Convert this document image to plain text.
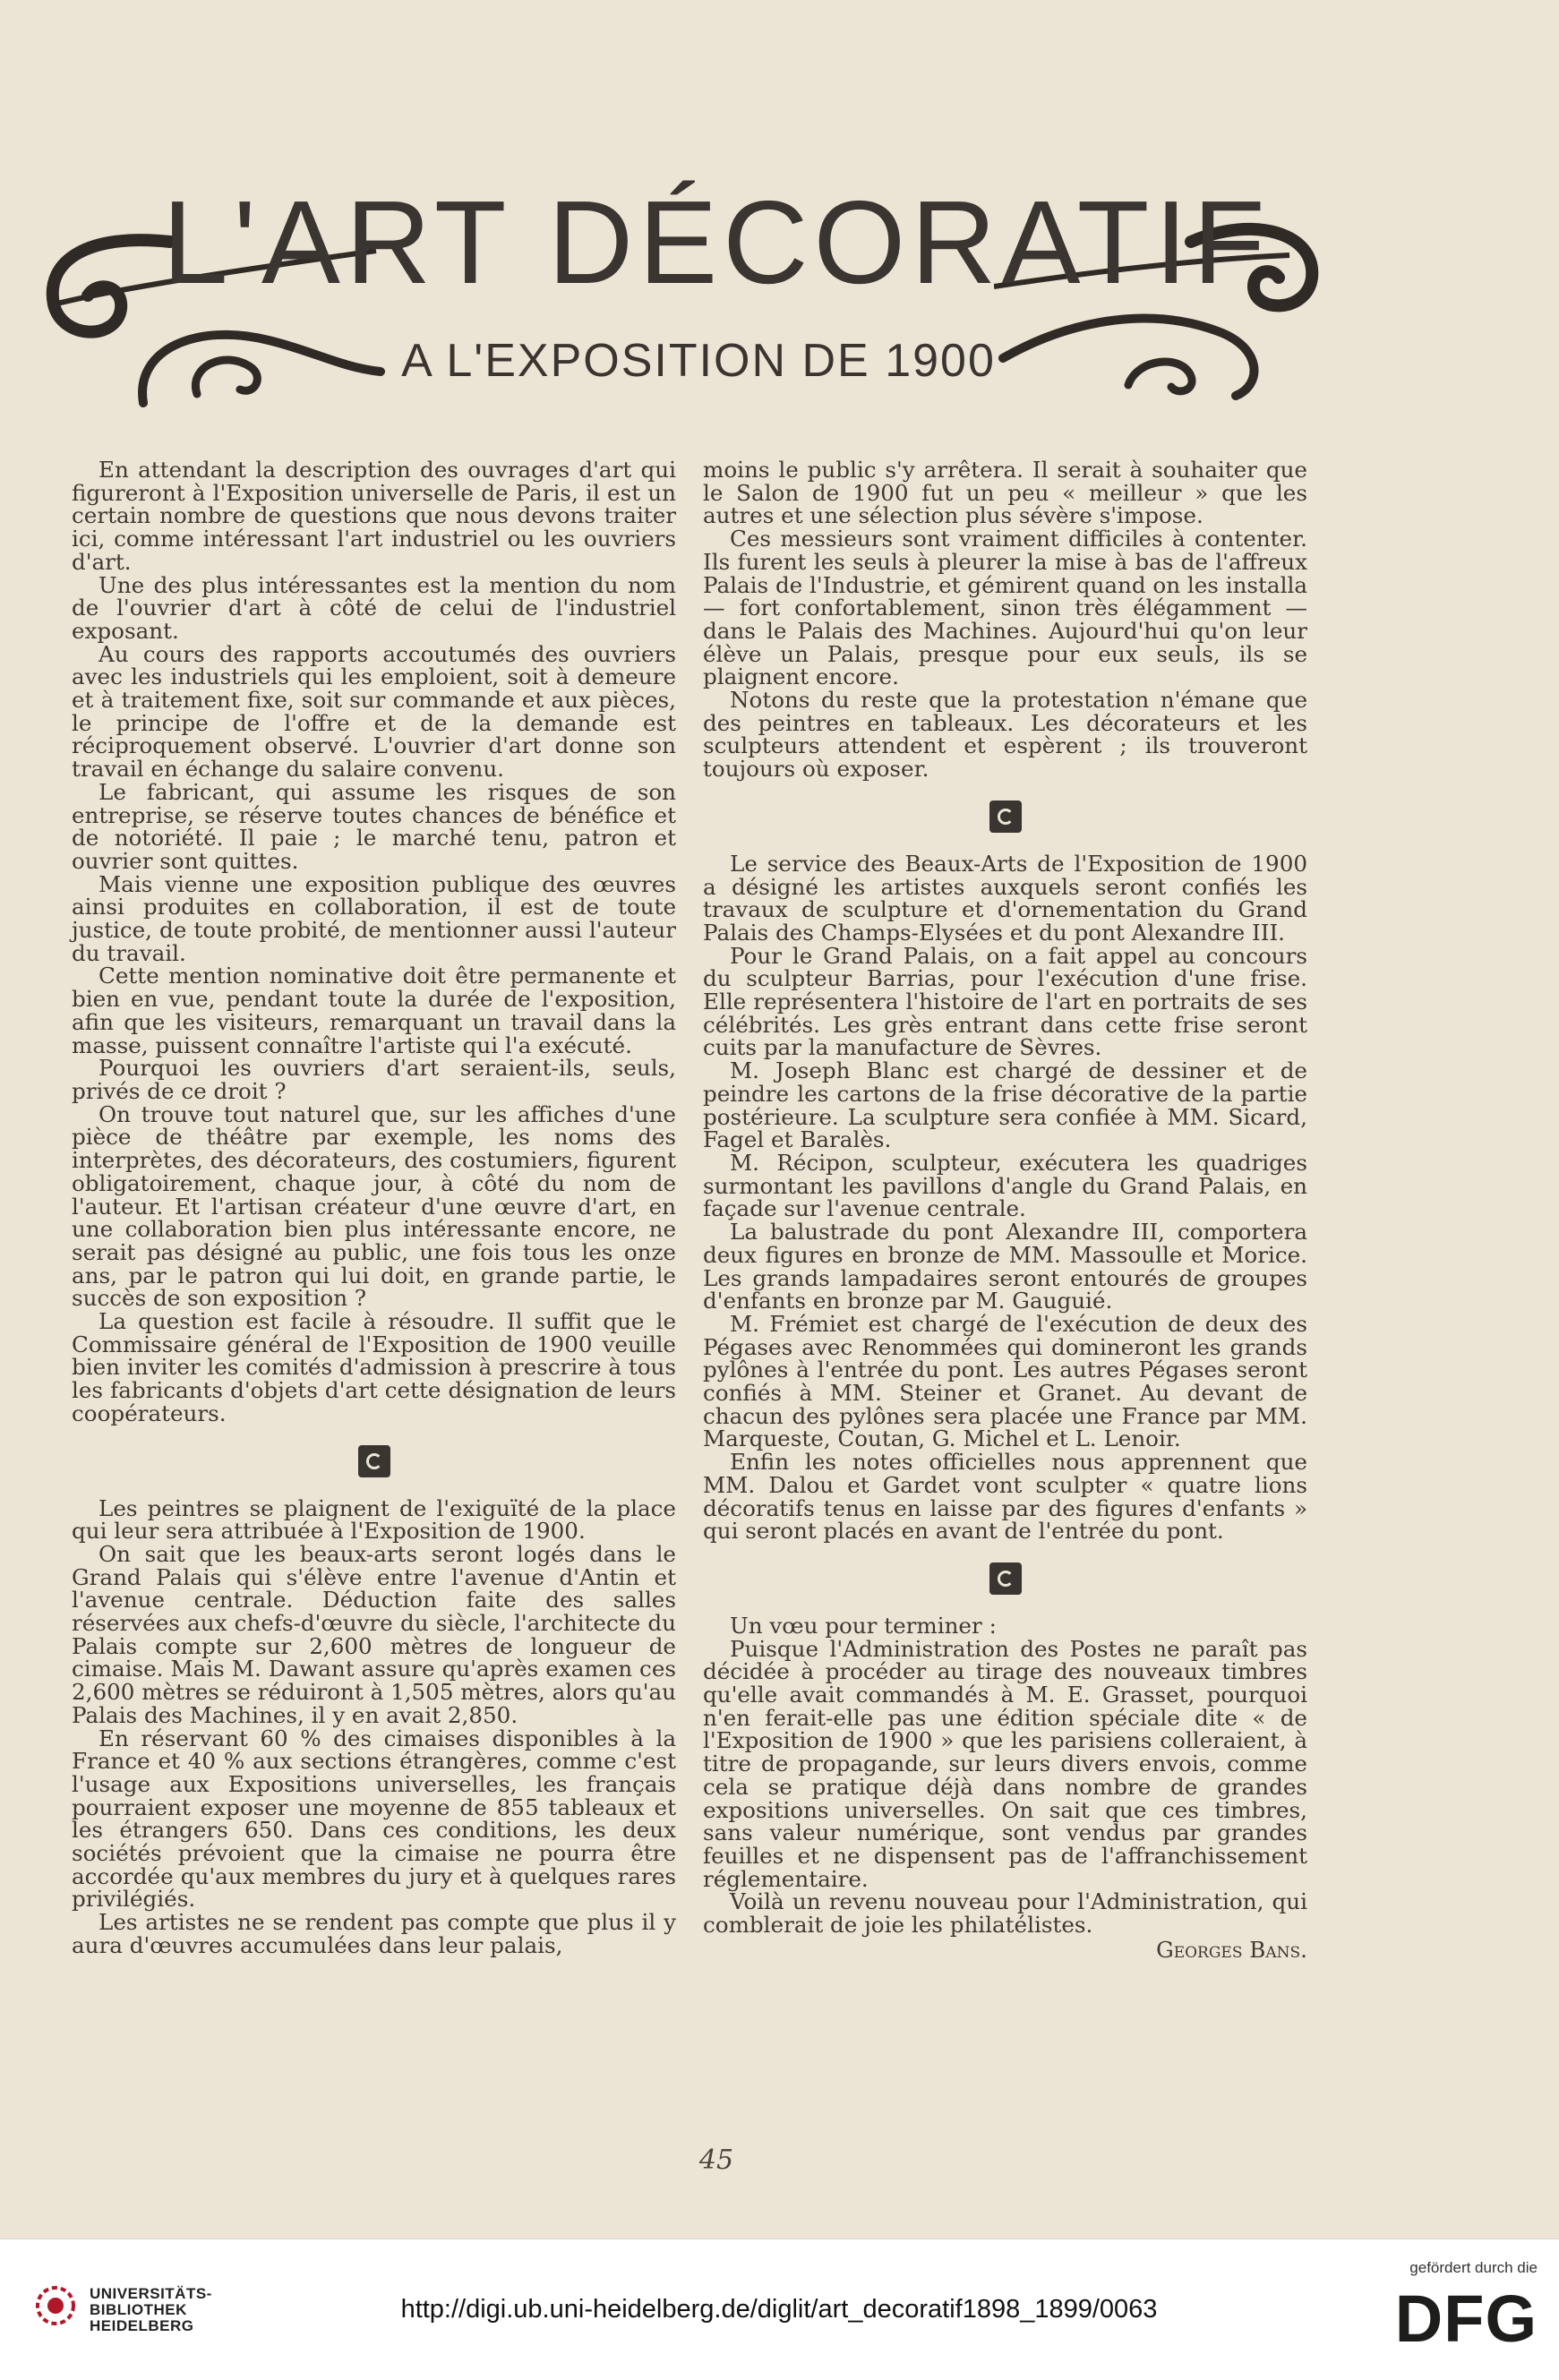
L'ART DÉCORATIF
A L'EXPOSITION DE 1900

En attendant la description des ouvrages d'art qui figureront à l'Exposition universelle de Paris, il est un certain nombre de questions que nous devons traiter ici, comme intéressant l'art industriel ou les ouvriers d'art.

Une des plus intéressantes est la mention du nom de l'ouvrier d'art à côté de celui de l'industriel exposant.

Au cours des rapports accoutumés des ouvriers avec les industriels qui les emploient, soit à demeure et à traitement fixe, soit sur commande et aux pièces, le principe de l'offre et de la demande est réciproquement observé. L'ouvrier d'art donne son travail en échange du salaire convenu.

Le fabricant, qui assume les risques de son entreprise, se réserve toutes chances de bénéfice et de notoriété. Il paie ; le marché tenu, patron et ouvrier sont quittes.

Mais vienne une exposition publique des œuvres ainsi produites en collaboration, il est de toute justice, de toute probité, de mentionner aussi l'auteur du travail.

Cette mention nominative doit être permanente et bien en vue, pendant toute la durée de l'exposition, afin que les visiteurs, remarquant un travail dans la masse, puissent connaître l'artiste qui l'a exécuté.

Pourquoi les ouvriers d'art seraient-ils, seuls, privés de ce droit ?

On trouve tout naturel que, sur les affiches d'une pièce de théâtre par exemple, les noms des interprètes, des décorateurs, des costumiers, figurent obligatoirement, chaque jour, à côté du nom de l'auteur. Et l'artisan créateur d'une œuvre d'art, en une collaboration bien plus intéressante encore, ne serait pas désigné au public, une fois tous les onze ans, par le patron qui lui doit, en grande partie, le succès de son exposition ?

La question est facile à résoudre. Il suffit que le Commissaire général de l'Exposition de 1900 veuille bien inviter les comités d'admission à prescrire à tous les fabricants d'objets d'art cette désignation de leurs coopérateurs.

Les peintres se plaignent de l'exiguïté de la place qui leur sera attribuée à l'Exposition de 1900.

On sait que les beaux-arts seront logés dans le Grand Palais qui s'élève entre l'avenue d'Antin et l'avenue centrale. Déduction faite des salles réservées aux chefs-d'œuvre du siècle, l'architecte du Palais compte sur 2,600 mètres de longueur de cimaise. Mais M. Dawant assure qu'après examen ces 2,600 mètres se réduiront à 1,505 mètres, alors qu'au Palais des Machines, il y en avait 2,850.

En réservant 60 % des cimaises disponibles à la France et 40 % aux sections étrangères, comme c'est l'usage aux Expositions universelles, les français pourraient exposer une moyenne de 855 tableaux et les étrangers 650. Dans ces conditions, les deux sociétés prévoient que la cimaise ne pourra être accordée qu'aux membres du jury et à quelques rares privilégiés.

Les artistes ne se rendent pas compte que plus il y aura d'œuvres accumulées dans leur palais,

moins le public s'y arrêtera. Il serait à souhaiter que le Salon de 1900 fut un peu « meilleur » que les autres et une sélection plus sévère s'impose.

Ces messieurs sont vraiment difficiles à contenter. Ils furent les seuls à pleurer la mise à bas de l'affreux Palais de l'Industrie, et gémirent quand on les installa — fort confortablement, sinon très élégamment — dans le Palais des Machines. Aujourd'hui qu'on leur élève un Palais, presque pour eux seuls, ils se plaignent encore.

Notons du reste que la protestation n'émane que des peintres en tableaux. Les décorateurs et les sculpteurs attendent et espèrent ; ils trouveront toujours où exposer.

Le service des Beaux-Arts de l'Exposition de 1900 a désigné les artistes auxquels seront confiés les travaux de sculpture et d'ornementation du Grand Palais des Champs-Elysées et du pont Alexandre III.

Pour le Grand Palais, on a fait appel au concours du sculpteur Barrias, pour l'exécution d'une frise. Elle représentera l'histoire de l'art en portraits de ses célébrités. Les grès entrant dans cette frise seront cuits par la manufacture de Sèvres.

M. Joseph Blanc est chargé de dessiner et de peindre les cartons de la frise décorative de la partie postérieure. La sculpture sera confiée à MM. Sicard, Fagel et Baralès.

M. Récipon, sculpteur, exécutera les quadriges surmontant les pavillons d'angle du Grand Palais, en façade sur l'avenue centrale.

La balustrade du pont Alexandre III, comportera deux figures en bronze de MM. Massoulle et Morice. Les grands lampadaires seront entourés de groupes d'enfants en bronze par M. Gauguié.

M. Frémiet est chargé de l'exécution de deux des Pégases avec Renommées qui domineront les grands pylônes à l'entrée du pont. Les autres Pégases seront confiés à MM. Steiner et Granet. Au devant de chacun des pylônes sera placée une France par MM. Marqueste, Coutan, G. Michel et L. Lenoir.

Enfin les notes officielles nous apprennent que MM. Dalou et Gardet vont sculpter « quatre lions décoratifs tenus en laisse par des figures d'enfants » qui seront placés en avant de l'entrée du pont.

Un vœu pour terminer :

Puisque l'Administration des Postes ne paraît pas décidée à procéder au tirage des nouveaux timbres qu'elle avait commandés à M. E. Grasset, pourquoi n'en ferait-elle pas une édition spéciale dite « de l'Exposition de 1900 » que les parisiens colleraient, à titre de propagande, sur leurs divers envois, comme cela se pratique déjà dans nombre de grandes expositions universelles. On sait que ces timbres, sans valeur numérique, sont vendus par grandes feuilles et ne dispensent pas de l'affranchissement réglementaire.

Voilà un revenu nouveau pour l'Administration, qui comblerait de joie les philatélistes.

Georges Bans.

45
UNIVERSITÄTS-
BIBLIOTHEK
HEIDELBERG
http://digi.ub.uni-heidelberg.de/diglit/art_decoratif1898_1899/0063
gefördert durch die
DFG
